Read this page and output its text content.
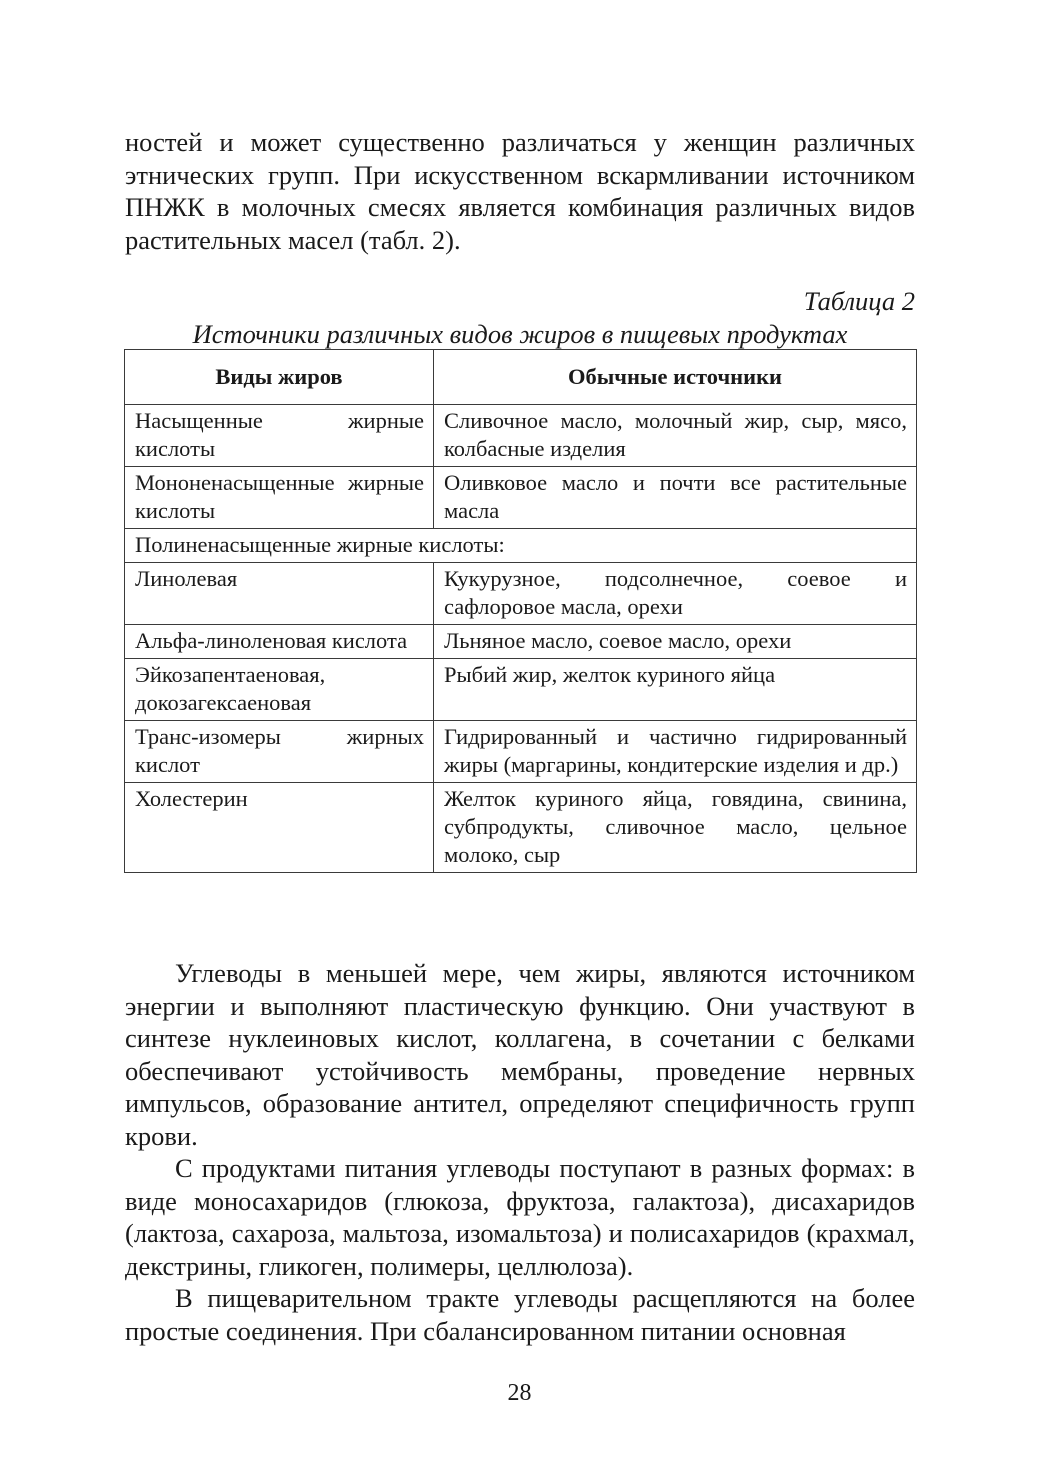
ностей и может существенно различаться у женщин различных этнических групп. При искусственном вскармливании источником ПНЖК в молочных смесях является комбинация различных видов растительных масел (табл. 2).

Таблица 2
Источники различных видов жиров в пищевых продуктах
Виды жиров	Обычные источники
Насыщенные жирные кислоты	Сливочное масло, молочный жир, сыр, мясо, колбасные изделия
Мононенасыщенные жирные кислоты	Оливковое масло и почти все растительные масла
Полиненасыщенные жирные кислоты:	
Линолевая	Кукурузное, подсолнечное, соевое и сафлоровое масла, орехи
Альфа-линоленовая кислота	Льняное масло, соевое масло, орехи
Эйкозапентаеновая, докозагексаеновая	Рыбий жир, желток куриного яйца
Транс-изомеры жирных кислот	Гидрированный и частично гидрированный жиры (маргарины, кондитерские изделия и др.)
Холестерин	Желток куриного яйца, говядина, свинина, субпродукты, сливочное масло, цельное молоко, сыр

Углеводы в меньшей мере, чем жиры, являются источником энергии и выполняют пластическую функцию. Они участвуют в синтезе нуклеиновых кислот, коллагена, в сочетании с белками обеспечивают устойчивость мембраны, проведение нервных импульсов, образование антител, определяют специфичность групп крови.

С продуктами питания углеводы поступают в разных формах: в виде моносахаридов (глюкоза, фруктоза, галактоза), дисахаридов (лактоза, сахароза, мальтоза, изомальтоза) и полисахаридов (крахмал, декстрины, гликоген, полимеры, целлюлоза).

В пищеварительном тракте углеводы расщепляются на более простые соединения. При сбалансированном питании основная

28
